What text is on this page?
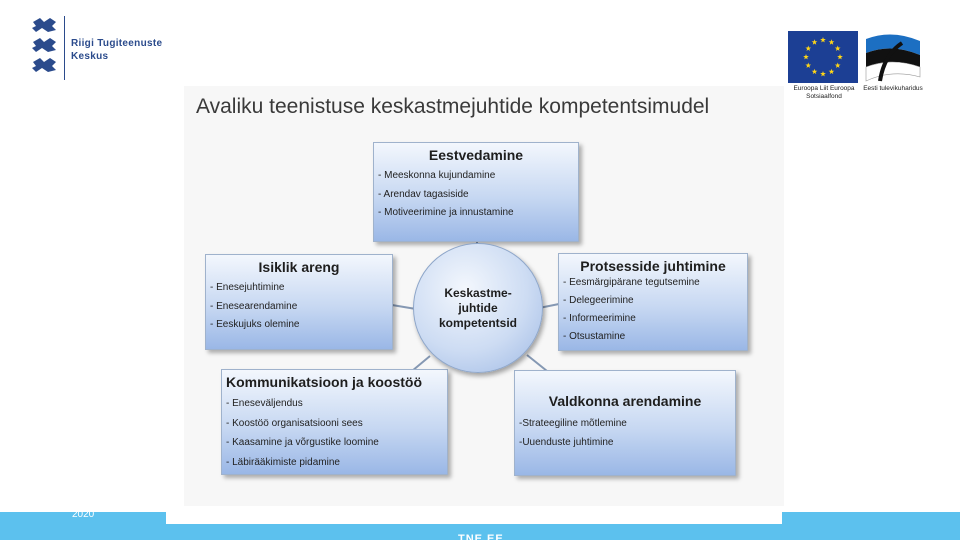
Riigi Tugiteenuste Keskus
Euroopa Liit Euroopa Sotsiaalfond
Eesti tulevikuharidus
Avaliku teenistuse keskastmejuhtide kompetentsimudel
Eestvedamine
- Meeskonna kujundamine
- Arendav tagasiside
- Motiveerimine ja innustamine
Isiklik areng
- Enesejuhtimine
- Enesearendamine
- Eeskujuks olemine
Protsesside juhtimine
- Eesmärgipärane tegutsemine
- Delegeerimine
- Informeerimine
- Otsustamine
Kommunikatsioon ja koostöö
- Eneseväljendus
- Koostöö organisatsiooni sees
- Kaasamine ja võrgustike loomine
- Läbirääkimiste pidamine
Valdkonna arendamine
-Strateegiline mõtlemine
-Uuenduste juhtimine
Keskastme-
juhtide
kompetentsid
2020
TNE.EE
